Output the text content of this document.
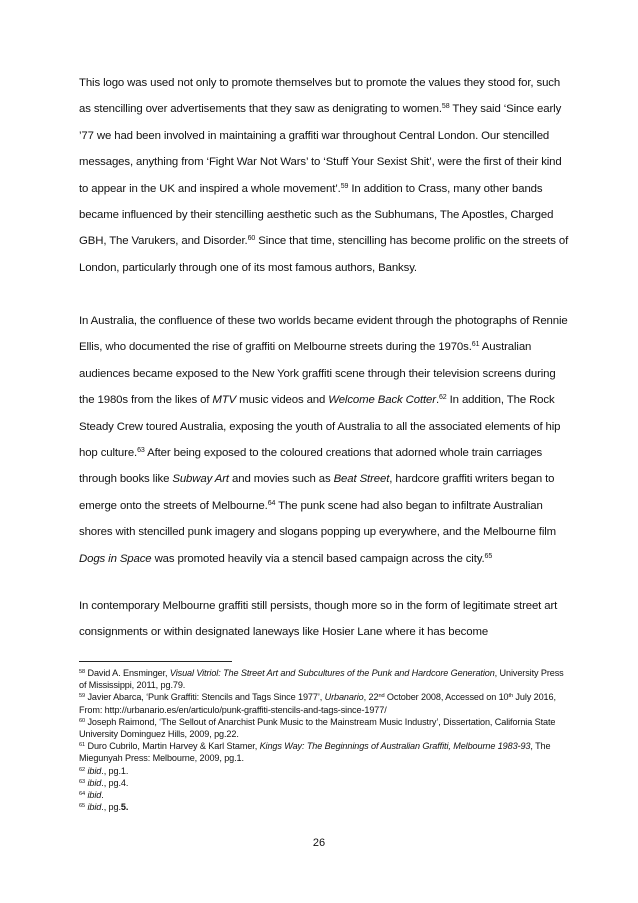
This logo was used not only to promote themselves but to promote the values they stood for, such as stencilling over advertisements that they saw as denigrating to women.$^{58}$ They said ‘Since early ’77 we had been involved in maintaining a graffiti war throughout Central London. Our stencilled messages, anything from ‘Fight War Not Wars’ to ‘Stuff Your Sexist Shit’, were the first of their kind to appear in the UK and inspired a whole movement’.$^{59}$ In addition to Crass, many other bands became influenced by their stencilling aesthetic such as the Subhumans, The Apostles, Charged GBH, The Varukers, and Disorder.$^{60}$ Since that time, stencilling has become prolific on the streets of London, particularly through one of its most famous authors, Banksy.
In Australia, the confluence of these two worlds became evident through the photographs of Rennie Ellis, who documented the rise of graffiti on Melbourne streets during the 1970s.$^{61}$ Australian audiences became exposed to the New York graffiti scene through their television screens during the 1980s from the likes of MTV music videos and Welcome Back Cotter.$^{62}$ In addition, The Rock Steady Crew toured Australia, exposing the youth of Australia to all the associated elements of hip hop culture.$^{63}$ After being exposed to the coloured creations that adorned whole train carriages through books like Subway Art and movies such as Beat Street, hardcore graffiti writers began to emerge onto the streets of Melbourne.$^{64}$ The punk scene had also began to infiltrate Australian shores with stencilled punk imagery and slogans popping up everywhere, and the Melbourne film Dogs in Space was promoted heavily via a stencil based campaign across the city.$^{65}$
In contemporary Melbourne graffiti still persists, though more so in the form of legitimate street art consignments or within designated laneways like Hosier Lane where it has become

$^{58}$ David A. Ensminger, Visual Vitriol: The Street Art and Subcultures of the Punk and Hardcore Generation, University Press of Mississippi, 2011, pg.79.

$^{59}$ Javier Abarca, ‘Punk Graffiti: Stencils and Tags Since 1977’, Urbanario, 22nd October 2008, Accessed on 10th July 2016, From: http://urbanario.es/en/articulo/punk-graffiti-stencils-and-tags-since-1977/

$^{60}$ Joseph Raimond, ‘The Sellout of Anarchist Punk Music to the Mainstream Music Industry’, Dissertation, California State University Dominguez Hills, 2009, pg.22.

$^{61}$ Duro Cubrilo, Martin Harvey & Karl Stamer, Kings Way: The Beginnings of Australian Graffiti, Melbourne 1983-93, The Miegunyah Press: Melbourne, 2009, pg.1.

$^{62}$ ibid., pg.1.

$^{63}$ ibid., pg.4.

$^{64}$ ibid.

$^{65}$ ibid., pg.5.

26
